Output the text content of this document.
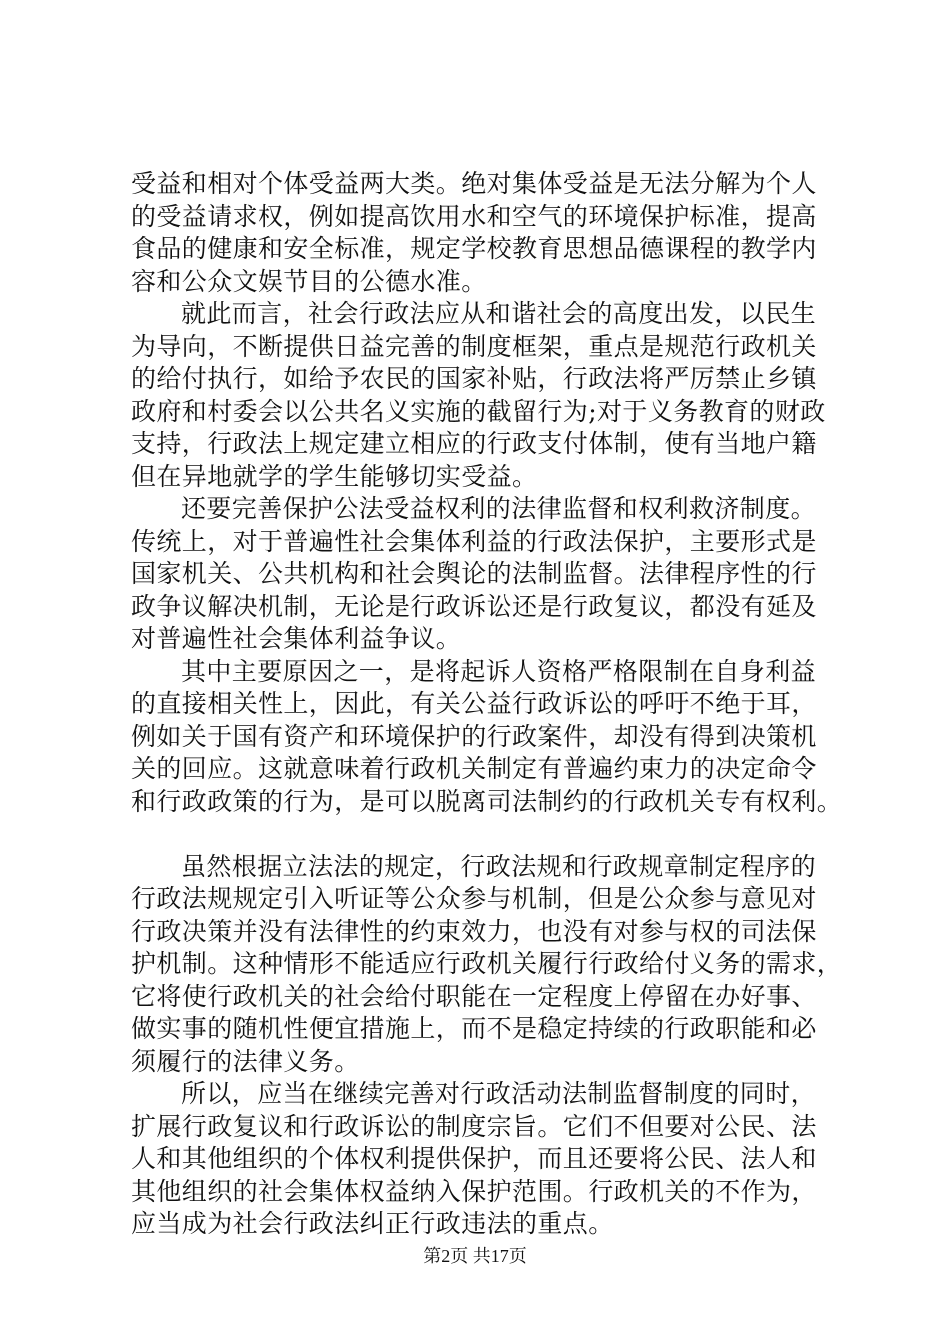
受益和相对个体受益两大类。绝对集体受益是无法分解为个人
的受益请求权，例如提高饮用水和空气的环境保护标准，提高
食品的健康和安全标准，规定学校教育思想品德课程的教学内
容和公众文娱节目的公德水准。
就此而言，社会行政法应从和谐社会的高度出发，以民生
为导向，不断提供日益完善的制度框架，重点是规范行政机关
的给付执行，如给予农民的国家补贴，行政法将严厉禁止乡镇
政府和村委会以公共名义实施的截留行为;对于义务教育的财政
支持，行政法上规定建立相应的行政支付体制，使有当地户籍
但在异地就学的学生能够切实受益。
还要完善保护公法受益权利的法律监督和权利救济制度。
传统上，对于普遍性社会集体利益的行政法保护，主要形式是
国家机关、公共机构和社会舆论的法制监督。法律程序性的行
政争议解决机制，无论是行政诉讼还是行政复议，都没有延及
对普遍性社会集体利益争议。
其中主要原因之一，是将起诉人资格严格限制在自身利益
的直接相关性上，因此，有关公益行政诉讼的呼吁不绝于耳，
例如关于国有资产和环境保护的行政案件，却没有得到决策机
关的回应。这就意味着行政机关制定有普遍约束力的决定命令
和行政政策的行为，是可以脱离司法制约的行政机关专有权利。
虽然根据立法法的规定，行政法规和行政规章制定程序的
行政法规规定引入听证等公众参与机制，但是公众参与意见对
行政决策并没有法律性的约束效力，也没有对参与权的司法保
护机制。这种情形不能适应行政机关履行行政给付义务的需求，
它将使行政机关的社会给付职能在一定程度上停留在办好事、
做实事的随机性便宜措施上，而不是稳定持续的行政职能和必
须履行的法律义务。
所以，应当在继续完善对行政活动法制监督制度的同时，
扩展行政复议和行政诉讼的制度宗旨。它们不但要对公民、法
人和其他组织的个体权利提供保护，而且还要将公民、法人和
其他组织的社会集体权益纳入保护范围。行政机关的不作为，
应当成为社会行政法纠正行政违法的重点。
第2页 共17页
